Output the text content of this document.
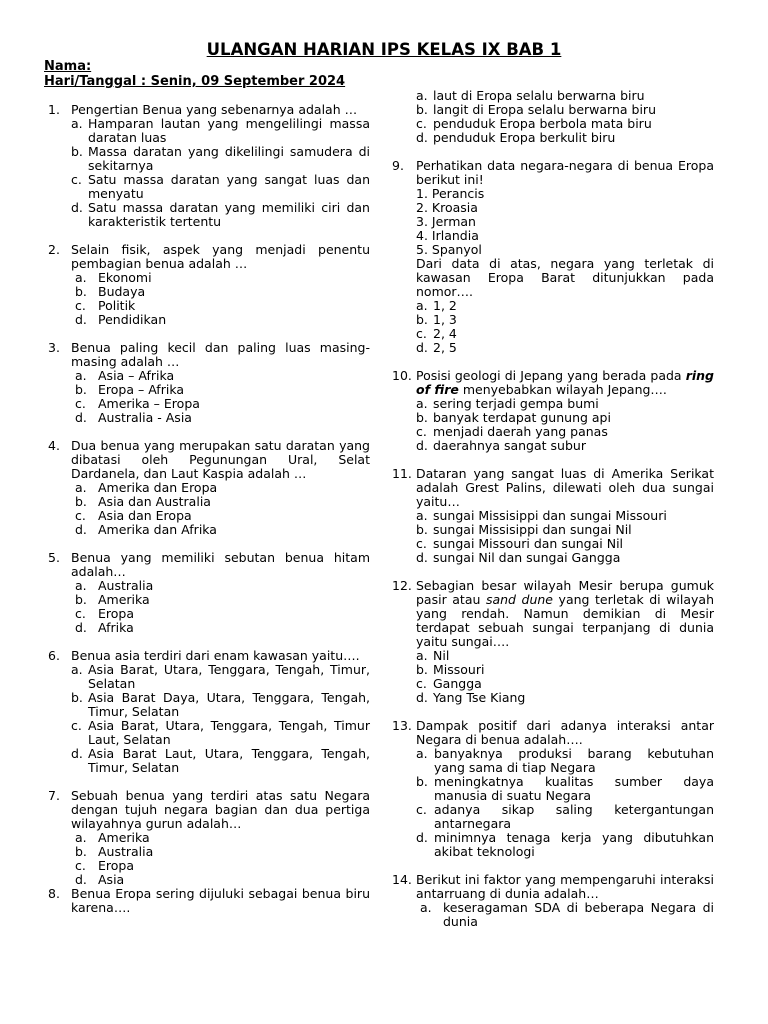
ULANGAN HARIAN IPS KELAS IX BAB 1
Nama:
Hari/Tanggal : Senin, 09 September 2024
1. Pengertian Benua yang sebenarnya adalah …
a. Hamparan lautan yang mengelilingi massa daratan luas
b. Massa daratan yang dikelilingi samudera di sekitarnya
c. Satu massa daratan yang sangat luas dan menyatu
d. Satu massa daratan yang memiliki ciri dan karakteristik tertentu
2. Selain fisik, aspek yang menjadi penentu pembagian benua adalah …
a. Ekonomi
b. Budaya
c. Politik
d. Pendidikan
3. Benua paling kecil dan paling luas masing-masing adalah …
a. Asia – Afrika
b. Eropa – Afrika
c. Amerika – Eropa
d. Australia - Asia
4. Dua benua yang merupakan satu daratan yang dibatasi oleh Pegunungan Ural, Selat Dardanela, dan Laut Kaspia adalah …
a. Amerika dan Eropa
b. Asia dan Australia
c. Asia dan Eropa
d. Amerika dan Afrika
5. Benua yang memiliki sebutan benua hitam adalah…
a. Australia
b. Amerika
c. Eropa
d. Afrika
6. Benua asia terdiri dari enam kawasan yaitu….
a. Asia Barat, Utara, Tenggara, Tengah, Timur, Selatan
b. Asia Barat Daya, Utara, Tenggara, Tengah, Timur, Selatan
c. Asia Barat, Utara, Tenggara, Tengah, Timur Laut, Selatan
d. Asia Barat Laut, Utara, Tenggara, Tengah, Timur, Selatan
7. Sebuah benua yang terdiri atas satu Negara dengan tujuh negara bagian dan dua pertiga wilayahnya gurun adalah…
a. Amerika
b. Australia
c. Eropa
d. Asia
8. Benua Eropa sering dijuluki sebagai benua biru karena….
a. laut di Eropa selalu berwarna biru
b. langit di Eropa selalu berwarna biru
c. penduduk Eropa berbola mata biru
d. penduduk Eropa berkulit biru
9. Perhatikan data negara-negara di benua Eropa berikut ini!
1. Perancis
2. Kroasia
3. Jerman
4. Irlandia
5. Spanyol
Dari data di atas, negara yang terletak di kawasan Eropa Barat ditunjukkan pada nomor….
a. 1, 2
b. 1, 3
c. 2, 4
d. 2, 5
10. Posisi geologi di Jepang yang berada pada ring of fire menyebabkan wilayah Jepang….
a. sering terjadi gempa bumi
b. banyak terdapat gunung api
c. menjadi daerah yang panas
d. daerahnya sangat subur
11. Dataran yang sangat luas di Amerika Serikat adalah Grest Palins, dilewati oleh dua sungai yaitu…
a. sungai Missisippi dan sungai Missouri
b. sungai Missisippi dan sungai Nil
c. sungai Missouri dan sungai Nil
d. sungai Nil dan sungai Gangga
12. Sebagian besar wilayah Mesir berupa gumuk pasir atau sand dune yang terletak di wilayah yang rendah. Namun demikian di Mesir terdapat sebuah sungai terpanjang di dunia yaitu sungai….
a. Nil
b. Missouri
c. Gangga
d. Yang Tse Kiang
13. Dampak positif dari adanya interaksi antar Negara di benua adalah….
a. banyaknya produksi barang kebutuhan yang sama di tiap Negara
b. meningkatnya kualitas sumber daya manusia di suatu Negara
c. adanya sikap saling ketergantungan antarnegara
d. minimnya tenaga kerja yang dibutuhkan akibat teknologi
14. Berikut ini faktor yang mempengaruhi interaksi antarruang di dunia adalah…
a. keseragaman SDA di beberapa Negara di dunia
